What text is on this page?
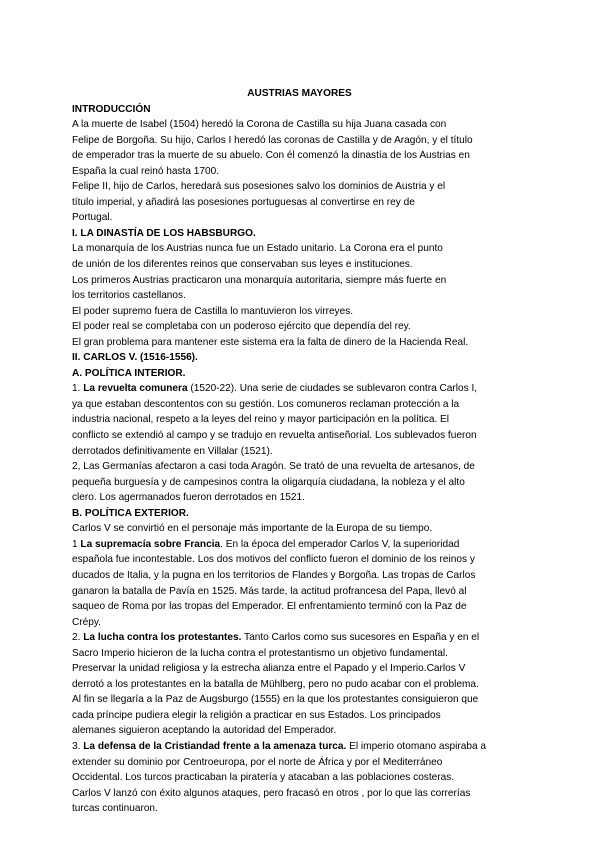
AUSTRIAS MAYORES

INTRODUCCIÓN

A la muerte de Isabel (1504) heredó la Corona de Castilla su hija Juana casada con

Felipe de Borgoña. Su hijo, Carlos I heredó las coronas de Castilla y de Aragón, y el título

de emperador tras la muerte de su abuelo. Con él comenzó la dinastía de los Austrias en

España la cual reinó hasta 1700.

Felipe II, hijo de Carlos, heredará sus posesiones salvo los dominios de Austria y el

título imperial, y añadirá las posesiones portuguesas al convertirse en rey de

Portugal.

I. LA DINASTÍA DE LOS HABSBURGO.

La monarquía de los Austrias nunca fue un Estado unitario. La Corona era el punto

de unión de los diferentes reinos que conservaban sus leyes e instituciones.

Los primeros Austrias practicaron una monarquía autoritaria, siempre más fuerte en

los territorios castellanos.

El poder supremo fuera de Castilla lo mantuvieron los virreyes.

El poder real se completaba con un poderoso ejército que dependía del rey.

El gran problema para mantener este sistema era la falta de dinero de la Hacienda Real.

II. CARLOS V. (1516-1556).

A. POLÍTICA INTERIOR.

1. La revuelta comunera (1520-22). Una serie de ciudades se sublevaron contra Carlos I,

ya que estaban descontentos con su gestión. Los comuneros reclaman protección a la

industria nacional, respeto a la leyes del reino y mayor participación en la política. El

conflicto se extendió al campo y se tradujo en revuelta antiseñorial. Los sublevados fueron

derrotados definitivamente en Villalar (1521).

2, Las Germanías afectaron a casi toda Aragón. Se trató de una revuelta de artesanos, de

pequeña burguesía y de campesinos contra la oligarquía ciudadana, la nobleza y el alto

clero. Los agermanados fueron derrotados en 1521.

B. POLÍTICA EXTERIOR.

Carlos V se convirtió en el personaje más importante de la Europa de su tiempo.

1 La supremacía sobre Francia. En la época del emperador Carlos V, la superioridad

española fue incontestable. Los dos motivos del conflicto fueron el dominio de los reinos y

ducados de Italia, y la pugna en los territorios de Flandes y Borgoña. Las tropas de Carlos

ganaron la batalla de Pavía en 1525. Más tarde, la actitud profrancesa del Papa, llevó al

saqueo de Roma por las tropas del Emperador. El enfrentamiento terminó con la Paz de

Crépy.

2. La lucha contra los protestantes. Tanto Carlos como sus sucesores en España y en el

Sacro Imperio hicieron de la lucha contra el protestantismo un objetivo fundamental.

Preservar la unidad religiosa y la estrecha alianza entre el Papado y el Imperio.Carlos V

derrotó a los protestantes en la batalla de Mühlberg, pero no pudo acabar con el problema.

Al fin se llegaría a la Paz de Augsburgo (1555) en la que los protestantes consiguieron que

cada príncipe pudiera elegir la religión a practicar en sus Estados. Los principados

alemanes siguieron aceptando la autoridad del Emperador.

3. La defensa de la Cristiandad frente a la amenaza turca. El imperio otomano aspiraba a

extender su dominio por Centroeuropa, por el norte de África y por el Mediterráneo

Occidental. Los turcos practicaban la piratería y atacaban a las poblaciones costeras.

Carlos V lanzó con éxito algunos ataques, pero fracasó en otros , por lo que las correrías

turcas continuaron.
